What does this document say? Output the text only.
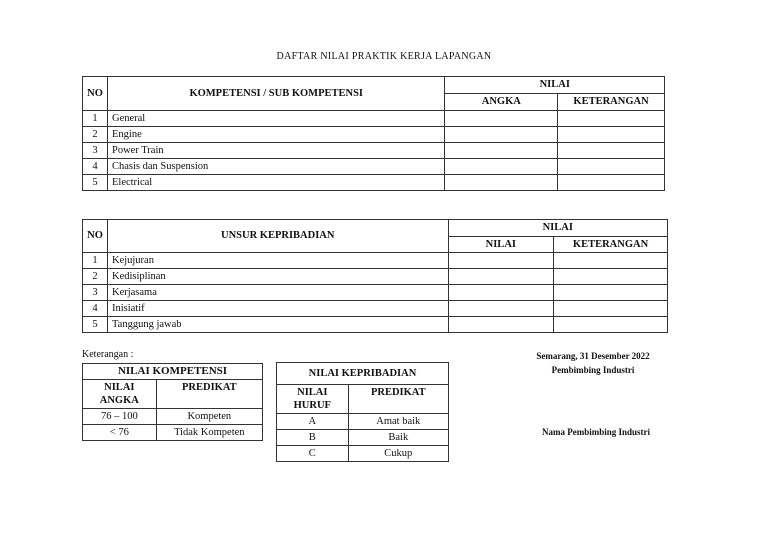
DAFTAR NILAI PRAKTIK KERJA LAPANGAN
NO	KOMPETENSI / SUB KOMPETENSI	NILAI	
		ANGKA	KETERANGAN
1	General		
2	Engine		
3	Power Train		
4	Chasis dan Suspension		
5	Electrical		
NO	UNSUR KEPRIBADIAN	NILAI	
		NILAI	KETERANGAN
1	Kejujuran		
2	Kedisiplinan		
3	Kerjasama		
4	Inisiatif		
5	Tanggung jawab		
Keterangan :
NILAI KOMPETENSI	
NILAI
ANGKA	PREDIKAT
76 – 100	Kompeten
< 76	Tidak Kompeten
NILAI KEPRIBADIAN	
NILAI
HURUF	PREDIKAT
A	Amat baik
B	Baik
C	Cukup
Semarang, 31 Desember 2022
Pembimbing Industri
Nama Pembimbing Industri
